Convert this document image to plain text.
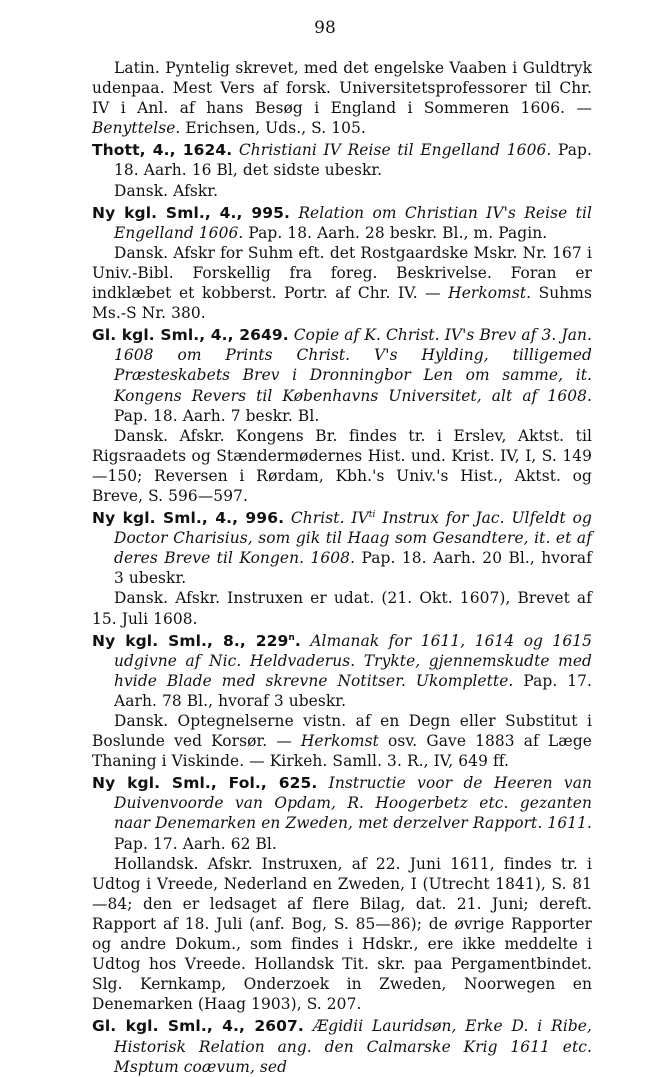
98

Latin. Pyntelig skrevet, med det engelske Vaaben i Guldtryk udenpaa. Mest Vers af forsk. Universitetsprofessorer til Chr. IV i Anl. af hans Besøg i England i Sommeren 1606. — Benyttelse. Erichsen, Uds., S. 105.

Thott, 4., 1624. Christiani IV Reise til Engelland 1606. Pap. 18. Aarh. 16 Bl, det sidste ubeskr.

Dansk. Afskr.

Ny kgl. Sml., 4., 995. Relation om Christian IV's Reise til Engelland 1606. Pap. 18. Aarh. 28 beskr. Bl., m. Pagin.

Dansk. Afskr for Suhm eft. det Rostgaardske Mskr. Nr. 167 i Univ.-Bibl. Forskellig fra foreg. Beskrivelse. Foran er indklæbet et kobberst. Portr. af Chr. IV. — Herkomst. Suhms Ms.-S Nr. 380.

Gl. kgl. Sml., 4., 2649. Copie af K. Christ. IV's Brev af 3. Jan. 1608 om Prints Christ. V's Hylding, tilligemed Præsteskabets Brev i Dronningbor Len om samme, it. Kongens Revers til Københavns Universitet, alt af 1608. Pap. 18. Aarh. 7 beskr. Bl.

Dansk. Afskr. Kongens Br. findes tr. i Erslev, Aktst. til Rigsraadets og Stændermødernes Hist. und. Krist. IV, I, S. 149—150; Reversen i Rørdam, Kbh.'s Univ.'s Hist., Aktst. og Breve, S. 596—597.

Ny kgl. Sml., 4., 996. Christ. $IV^{ti}$ Instrux for Jac. Ulfeldt og Doctor Charisius, som gik til Haag som Gesandtere, it. et af deres Breve til Kongen. 1608. Pap. 18. Aarh. 20 Bl., hvoraf 3 ubeskr.

Dansk. Afskr. Instruxen er udat. (21. Okt. 1607), Brevet af 15. Juli 1608.

Ny kgl. Sml., 8., 229$^n$. Almanak for 1611, 1614 og 1615 udgivne af Nic. Heldvaderus. Trykte, gjennemskudte med hvide Blade med skrevne Notitser. Ukomplette. Pap. 17. Aarh. 78 Bl., hvoraf 3 ubeskr.

Dansk. Optegnelserne vistn. af en Degn eller Substitut i Boslunde ved Korsør. — Herkomst osv. Gave 1883 af Læge Thaning i Viskinde. — Kirkeh. Samll. 3. R., IV, 649 ff.

Ny kgl. Sml., Fol., 625. Instructie voor de Heeren van Duivenvoorde van Opdam, R. Hoogerbetz etc. gezanten naar Denemarken en Zweden, met derzelver Rapport. 1611. Pap. 17. Aarh. 62 Bl.

Hollandsk. Afskr. Instruxen, af 22. Juni 1611, findes tr. i Udtog i Vreede, Nederland en Zweden, I (Utrecht 1841), S. 81—84; den er ledsaget af flere Bilag, dat. 21. Juni; dereft. Rapport af 18. Juli (anf. Bog, S. 85—86); de øvrige Rapporter og andre Dokum., som findes i Hdskr., ere ikke meddelte i Udtog hos Vreede. Hollandsk Tit. skr. paa Pergamentbindet. Slg. Kernkamp, Onderzoek in Zweden, Noorwegen en Denemarken (Haag 1903), S. 207.

Gl. kgl. Sml., 4., 2607. Ægidii Lauridsøn, Erke D. i Ribe, Historisk Relation ang. den Calmarske Krig 1611 etc. Msptum coævum, sed
